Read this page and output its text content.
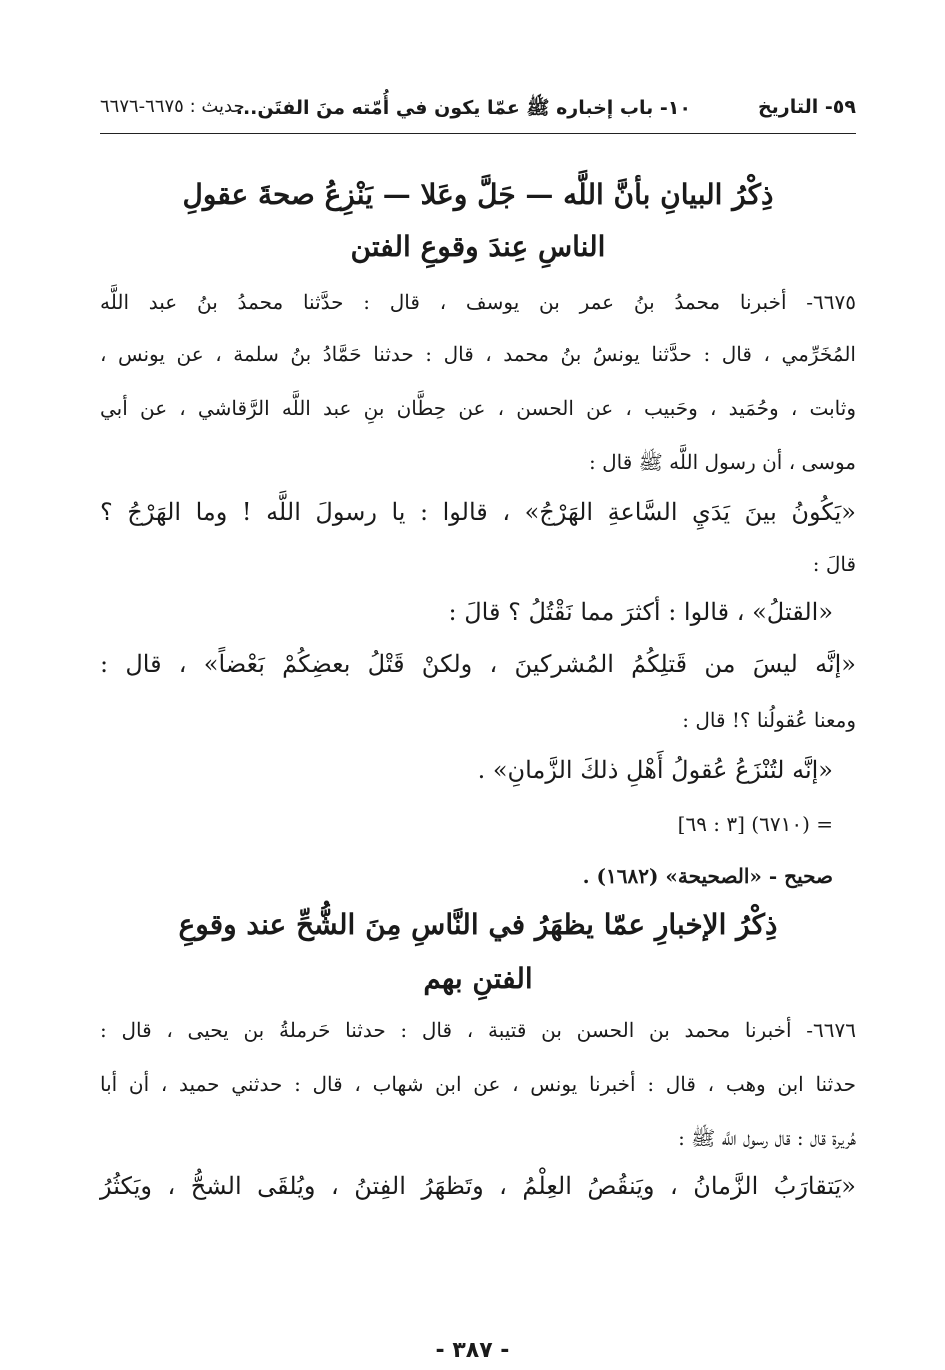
٥٩- التاريخ
١٠- باب إخباره ﷺ عمّا يكون في أُمّته منَ الفتَن...
حديث : ٦٦٧٥-٦٦٧٦
ذِكْرُ البيانِ بأنَّ اللَّه — جَلَّ وعَلا — يَنْزِعُ صحةَ عقولِ
الناسِ عِندَ وقوعِ الفتن
٦٦٧٥- أخبرنا محمدُ بنُ عمر بن يوسف ، قال : حدَّثنا محمدُ بنُ عبد اللَّه
المُخَرِّمي ، قال : حدَّثنا يونسُ بنُ محمد ، قال : حدثنا حَمَّادُ بنُ سلمة ، عن يونس ،
وثابت ، وحُمَيد ، وحَبيب ، عن الحسن ، عن حِطَّان بنِ عبد اللَّه الرَّقاشي ، عن أبي
موسى ، أن رسول اللَّه ﷺ قال :
«يَكُونُ بينَ يَدَيِ السَّاعةِ الهَرْجُ» ، قالوا : يا رسولَ اللَّه ! وما الهَرْجُ ؟
قالَ :
«القتلُ» ، قالوا : أكثرَ مما نَقْتُلُ ؟ قالَ :
«إنَّه ليسَ من قَتلِكُمُ المُشركينَ ، ولكنْ قَتْلُ بعضِكُمْ بَعْضاً» ، قال :
ومعنا عُقولُنا ؟! قال :
«إنَّه لتُنْزَعُ عُقولُ أَهْلِ ذلكَ الزَّمانِ» .
= (٦٧١٠) [٣ : ٦٩]
صحيح - «الصحيحة» (١٦٨٢) .
ذِكْرُ الإخبارِ عمّا يظهَرُ في النَّاسِ مِنَ الشُّحِّ عند وقوعِ
الفتنِ بهم
٦٦٧٦- أخبرنا محمد بن الحسن بن قتيبة ، قال : حدثنا حَرملةُ بن يحيى ، قال :
حدثنا ابن وهب ، قال : أخبرنا يونس ، عن ابن شهاب ، قال : حدثني حميد ، أن أبا
هُريرة قال : قال رسول اللَّه ﷺ :
«يَتقارَبُ الزَّمانُ ، ويَنقُصُ العِلْمُ ، وتَظهَرُ الفِتنُ ، ويُلقَى الشحُّ ، ويَكثُرُ
- ٣٨٧ -
